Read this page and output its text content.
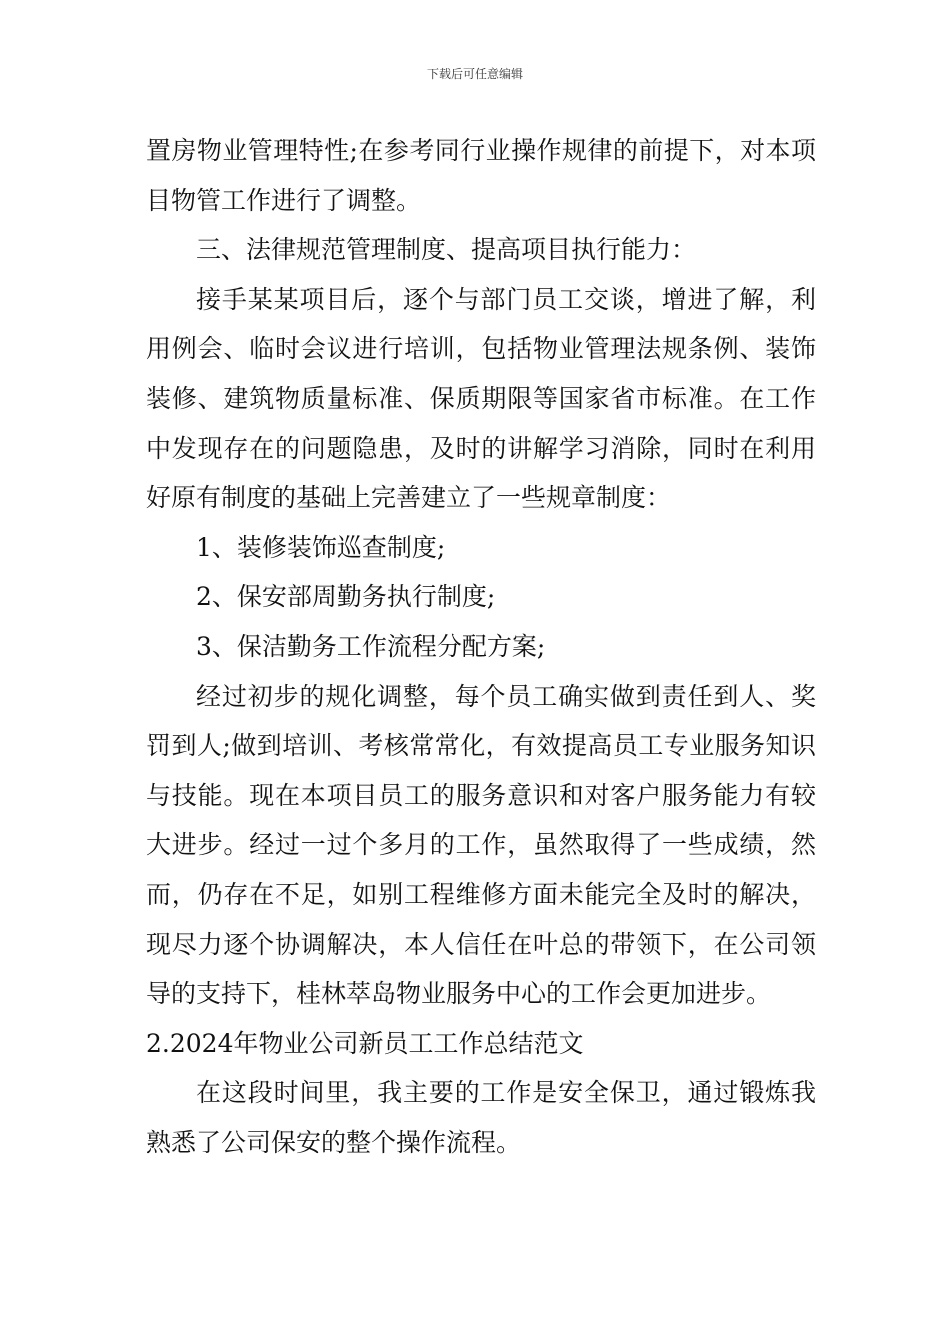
下载后可任意编辑

置房物业管理特性;在参考同行业操作规律的前提下，对本项目物管工作进行了调整。

三、法律规范管理制度、提高项目执行能力：

接手某某项目后，逐个与部门员工交谈，增进了解，利用例会、临时会议进行培训，包括物业管理法规条例、装饰装修、建筑物质量标准、保质期限等国家省市标准。在工作中发现存在的问题隐患，及时的讲解学习消除，同时在利用好原有制度的基础上完善建立了一些规章制度：

1、装修装饰巡查制度;

2、保安部周勤务执行制度;

3、保洁勤务工作流程分配方案;

经过初步的规化调整，每个员工确实做到责任到人、奖罚到人;做到培训、考核常常化，有效提高员工专业服务知识与技能。现在本项目员工的服务意识和对客户服务能力有较大进步。经过一过个多月的工作，虽然取得了一些成绩，然而，仍存在不足，如别工程维修方面未能完全及时的解决，现尽力逐个协调解决，本人信任在叶总的带领下，在公司领导的支持下，桂林萃岛物业服务中心的工作会更加进步。

2.2024年物业公司新员工工作总结范文

在这段时间里，我主要的工作是安全保卫，通过锻炼我熟悉了公司保安的整个操作流程。
